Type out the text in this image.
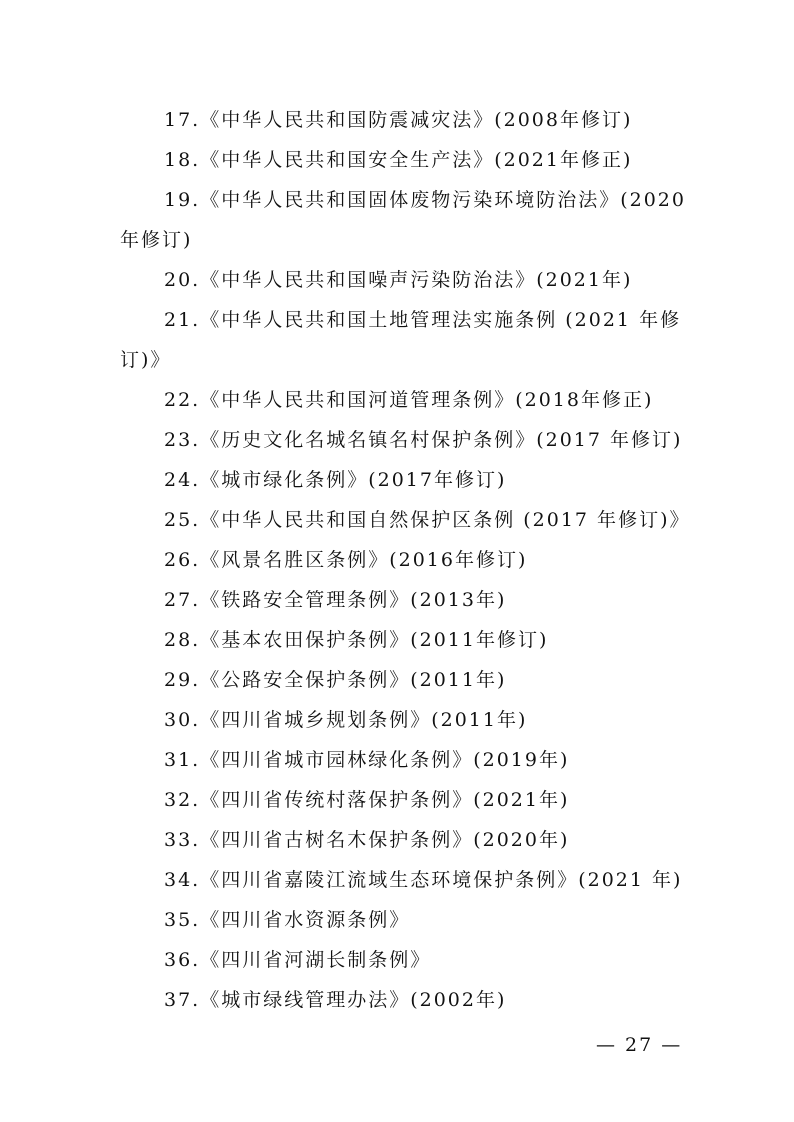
17.《中华人民共和国防震减灾法》(2008年修订)
18.《中华人民共和国安全生产法》(2021年修正)
19.《中华人民共和国固体废物污染环境防治法》(2020
年修订)
20.《中华人民共和国噪声污染防治法》(2021年)
21.《中华人民共和国土地管理法实施条例 (2021 年修
订)》
22.《中华人民共和国河道管理条例》(2018年修正)
23.《历史文化名城名镇名村保护条例》(2017 年修订)
24.《城市绿化条例》(2017年修订)
25.《中华人民共和国自然保护区条例 (2017 年修订)》
26.《风景名胜区条例》(2016年修订)
27.《铁路安全管理条例》(2013年)
28.《基本农田保护条例》(2011年修订)
29.《公路安全保护条例》(2011年)
30.《四川省城乡规划条例》(2011年)
31.《四川省城市园林绿化条例》(2019年)
32.《四川省传统村落保护条例》(2021年)
33.《四川省古树名木保护条例》(2020年)
34.《四川省嘉陵江流域生态环境保护条例》(2021 年)
35.《四川省水资源条例》
36.《四川省河湖长制条例》
37.《城市绿线管理办法》(2002年)
— 27 —
